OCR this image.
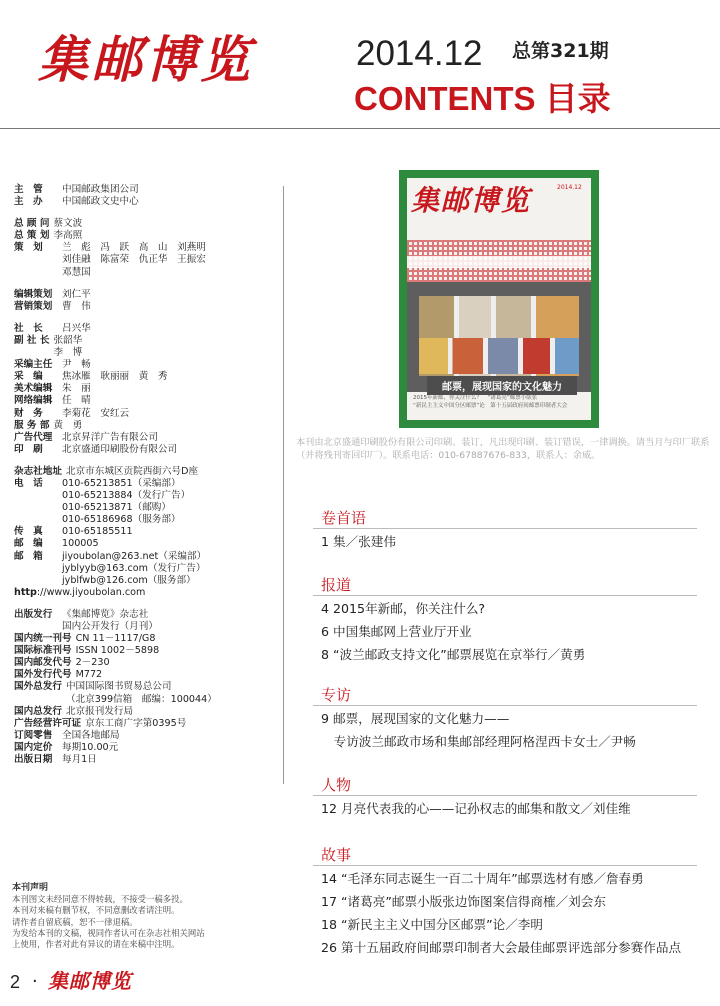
集邮博览	2014.12 总第321期
CONTENTS 目录
主　管	中国邮政集团公司
主　办	中国邮政文史中心
总 顾 问 蔡文波
总 策 划 李高照
策　划	兰　彪　冯　跃　高　山　刘燕明
刘佳融　陈富荣　仇正华　王振宏
邓慧国
编辑策划	刘仁平
营销策划	曹　伟
社　长	吕兴华
副 社 长 张韶华
李　博
采编主任	尹　畅
采　编	焦冰雁　耿丽丽　黄　秀
美术编辑	朱　丽
网络编辑	任　晴
财　务	李菊花　安红云
服 务 部 黄　勇
广告代理	北京昇洋广告有限公司
印　刷	北京盛通印刷股份有限公司
杂志社地址 北京市东城区贡院西街六号D座
电　话	010-65213851（采编部）
010-65213884（发行广告）
010-65213871（邮购）
010-65186968（服务部）
传　真	010-65185511
邮　编	100005
邮　箱	jiyoubolan@263.net（采编部）
jyblyyb@163.com（发行广告）
jyblfwb@126.com（服务部）
http ://www.jiyoubolan.com
出版发行	《集邮博览》杂志社
国内公开发行（月刊）
国内统一刊号 CN 11－1117/G8
国际标准刊号 ISSN 1002－5898
国内邮发代号 2－230
国外发行代号 M772
国外总发行 中国国际图书贸易总公司
（北京399信箱　邮编：100044）
国内总发行 北京报刊发行局
广告经营许可证 京东工商广字第0395号
订阅零售	全国各地邮局
国内定价	每期10.00元
出版日期	每月1日
本刊声明
本刊图文未经同意不得转载，不接受一稿多投。
本刊对来稿有删节权，不同意删改者请注明。
请作者自留底稿，恕不一律退稿。
为发给本刊的文稿，视同作者认可在杂志社相关网站
上使用，作者对此有异议的请在来稿中注明。
2 · 集邮博览
集邮博览	2014.12
邮票，展现国家的文化魅力
2015年新邮，你关注什么？　“诸葛亮”邮票小版张
“新民主主义中国分区邮票”论　第十五届政府间邮票印制者大会
本刊由北京盛通印刷股份有限公司印刷、装订，凡出现印刷、装订错误，一律调换。请当月与印厂联系（并将残刊寄回印厂）。联系电话：010-67887676-833，联系人：余威。
卷首语
1 集／张建伟
报道
4 2015年新邮，你关注什么?
6 中国集邮网上营业厅开业
8 “波兰邮政支持文化”邮票展览在京举行／黄勇
专访
9 邮票，展现国家的文化魅力——
　专访波兰邮政市场和集邮部经理阿格涅西卡女士／尹畅
人物
12 月亮代表我的心——记孙权志的邮集和散文／刘佳维
故事
14 “毛泽东同志诞生一百二十周年”邮票选材有感／詹春勇
17 “诸葛亮”邮票小版张边饰图案信得商榷／刘会东
18 “新民主主义中国分区邮票”论／李明
26 第十五届政府间邮票印制者大会最佳邮票评选部分参赛作品点
